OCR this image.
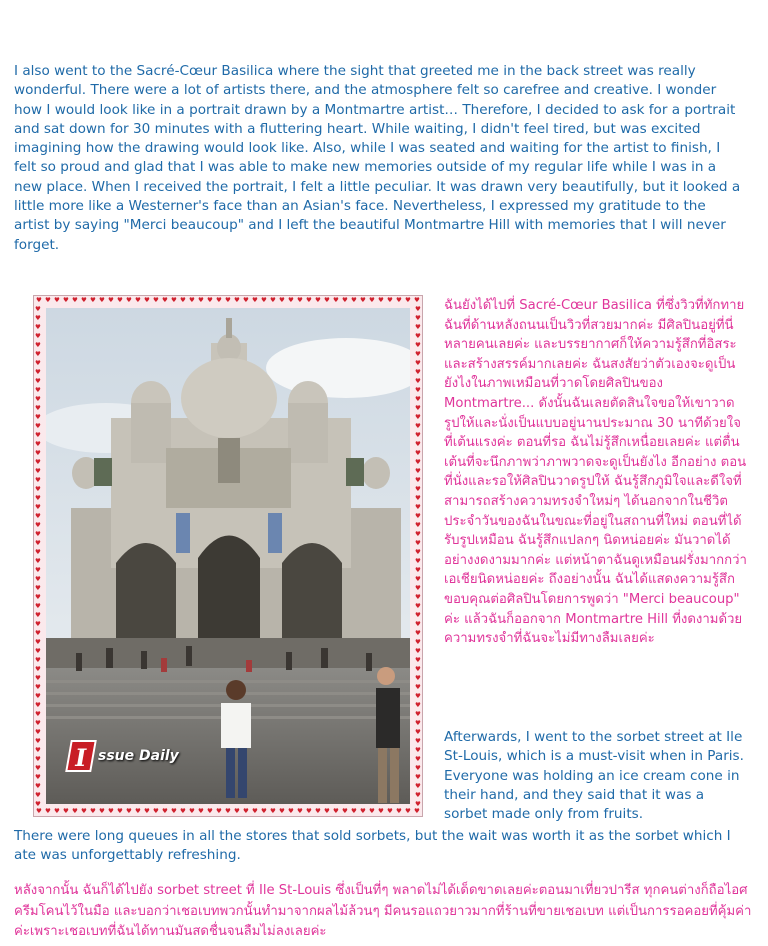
I also went to the Sacré-Cœur Basilica where the sight that greeted me in the back street was really wonderful. There were a lot of artists there, and the atmosphere felt so carefree and creative. I wonder how I would look like in a portrait drawn by a Montmartre artist… Therefore, I decided to ask for a portrait and sat down for 30 minutes with a fluttering heart. While waiting, I didn't feel tired, but was excited imagining how the drawing would look like. Also, while I was seated and waiting for the artist to finish, I felt so proud and glad that I was able to make new memories outside of my regular life while I was in a new place. When I received the portrait, I felt a little peculiar. It was drawn very beautifully, but it looked a little more like a Westerner's face than an Asian's face. Nevertheless, I expressed my gratitude to the artist by saying "Merci beaucoup" and I left the beautiful Montmartre Hill with memories that I will never forget.

♥
♥
♥
♥
♥
♥
♥
♥
♥
♥
♥
♥
♥
♥
♥
♥
♥
♥
♥
♥
♥
♥
♥
♥
♥
♥
♥
♥
♥
♥
♥
♥
♥
♥
♥
♥
♥
♥
♥
♥
♥
♥
♥
♥
♥
♥
♥
♥
♥
♥
♥
♥
♥
♥
♥
♥
♥
♥
♥
♥
♥
♥
♥
♥
♥
♥
♥
♥
♥
♥
♥
♥
♥
♥
♥
♥
♥
♥
♥
♥
♥
♥
♥
♥
♥
♥
♥	♥
♥	♥
♥	♥
♥	♥
♥	♥
♥	♥
♥	♥
♥	♥
♥	♥
♥	♥
♥	♥
♥	♥
♥	♥
♥	♥
♥	♥
♥	♥
♥	♥
♥	♥
♥	♥
♥	♥
♥	♥
♥	♥
♥	♥
♥	♥
♥	♥
♥	♥
♥	♥
♥	♥
♥	♥
♥	♥
♥	♥
♥	♥
♥	♥
♥	♥
♥	♥
♥	♥
♥	♥
♥	♥
♥	♥
♥	♥
♥	♥
♥	♥
♥	♥
♥	♥
♥	♥
♥	♥
♥	♥
♥	♥
♥	♥
♥	♥
♥	♥
♥	♥
♥	♥
♥	♥
♥	♥
♥	♥
I ssue Daily

ฉันยังได้ไปที่ Sacré-Cœur Basilica ที่ซึ่งวิวที่ทักทายฉันที่ด้านหลังถนนเป็นวิวที่สวยมากค่ะ มีศิลปินอยู่ที่นี่หลายคนเลยค่ะ และบรรยากาศก็ให้ความรู้สึกที่อิสระและสร้างสรรค์มากเลยค่ะ ฉันสงสัยว่าตัวเองจะดูเป็นยังไงในภาพเหมือนที่วาดโดยศิลปินของ Montmartre... ดังนั้นฉันเลยตัดสินใจขอให้เขาวาดรูปให้และนั่งเป็นแบบอยู่นานประมาณ 30 นาทีด้วยใจที่เต้นแรงค่ะ ตอนที่รอ ฉันไม่รู้สึกเหนื่อยเลยค่ะ แต่ตื่นเต้นที่จะนึกภาพว่าภาพวาดจะดูเป็นยังไง อีกอย่าง ตอนที่นั่งและรอให้ศิลปินวาดรูปให้ ฉันรู้สึกภูมิใจและดีใจที่สามารถสร้างความทรงจำใหม่ๆ ได้นอกจากในชีวิตประจำวันของฉันในขณะที่อยู่ในสถานที่ใหม่ ตอนที่ได้รับรูปเหมือน ฉันรู้สึกแปลกๆ นิดหน่อยค่ะ มันวาดได้อย่างงดงามมากค่ะ แต่หน้าตาฉันดูเหมือนฝรั่งมากกว่าเอเชียนิดหน่อยค่ะ ถึงอย่างนั้น ฉันได้แสดงความรู้สึกขอบคุณต่อศิลปินโดยการพูดว่า "Merci beaucoup" ค่ะ แล้วฉันก็ออกจาก Montmartre Hill ที่งดงามด้วยความทรงจำที่ฉันจะไม่มีทางลืมเลยค่ะ

Afterwards, I went to the sorbet street at Ile St-Louis, which is a must-visit when in Paris. Everyone was holding an ice cream cone in their hand, and they said that it was a sorbet made only from fruits.

There were long queues in all the stores that sold sorbets, but the wait was worth it as the sorbet which I ate was unforgettably refreshing.

หลังจากนั้น ฉันก็ได้ไปยัง sorbet street ที่ Ile St-Louis ซึ่งเป็นที่ๆ พลาดไม่ได้เด็ดขาดเลยค่ะตอนมาเที่ยวปารีส ทุกคนต่างก็ถือไอศครีมโคนไว้ในมือ และบอกว่าเชอเบทพวกนั้นทำมาจากผลไม้ล้วนๆ มีคนรอแถวยาวมากที่ร้านที่ขายเชอเบท แต่เป็นการรอคอยที่คุ้มค่าค่ะเพราะเชอเบทที่ฉันได้ทานมันสดชื่นจนลืมไม่ลงเลยค่ะ
